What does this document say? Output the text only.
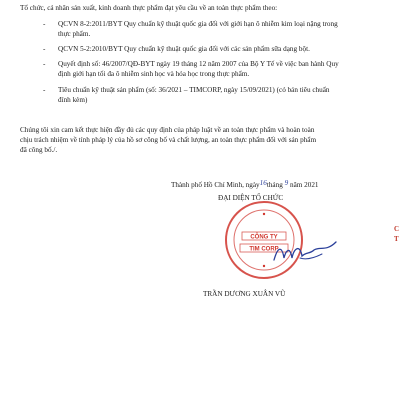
Tổ chức, cá nhân sản xuất, kinh doanh thực phẩm đạt yêu cầu về an toàn thực phẩm theo:
- QCVN 8-2:2011/BYT Quy chuẩn kỹ thuật quốc gia đối với giới hạn ô nhiễm kim loại nặng trong
thực phẩm.
- QCVN 5-2:2010/BYT Quy chuẩn kỹ thuật quốc gia đối với các sản phẩm sữa dạng bột.
- Quyết định số: 46/2007/QĐ-BYT ngày 19 tháng 12 năm 2007 của Bộ Y Tế về việc ban hành Quy
định giới hạn tối đa ô nhiễm sinh học và hóa học trong thực phẩm.
- Tiêu chuẩn kỹ thuật sản phẩm (số: 36/2021 – TIMCORP, ngày 15/09/2021) (có bản tiêu chuẩn
đính kèm)
Chúng tôi xin cam kết thực hiện đầy đủ các quy định của pháp luật về an toàn thực phẩm và hoàn toàn
chịu trách nhiệm về tính pháp lý của hồ sơ công bố và chất lượng, an toàn thực phẩm đối với sản phẩm
đã công bố./.
Thành phố Hồ Chí Minh, ngày16tháng 9 năm 2021
ĐẠI DIỆN TỔ CHỨC
CÔNG TY
TIM CORP
TRẦN DƯƠNG XUÂN VŨ
C T
